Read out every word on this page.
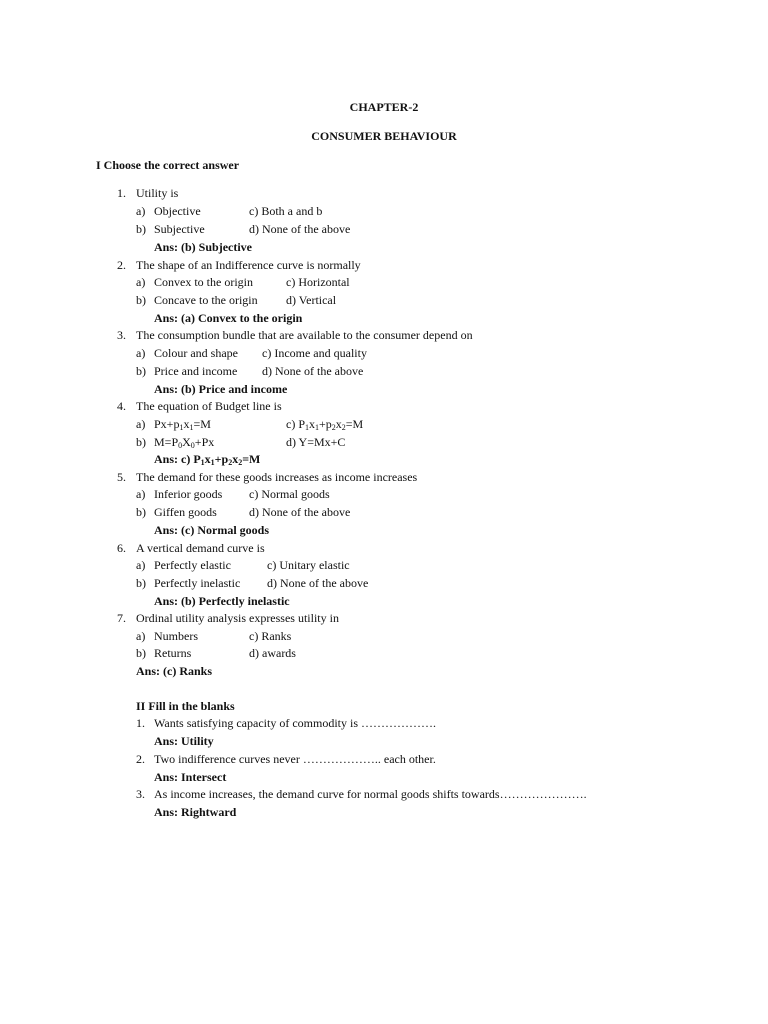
CHAPTER-2
CONSUMER BEHAVIOUR
I Choose the correct answer
1. Utility is
a) Objective	c) Both a and b
b) Subjective	d) None of the above
Ans: (b) Subjective
2. The shape of an Indifference curve is normally
a) Convex to the origin	c) Horizontal
b) Concave to the origin d) Vertical
Ans: (a) Convex to the origin
3. The consumption bundle that are available to the consumer depend on
a) Colour and shape c) Income and quality
b) Price and income d) None of the above
Ans: (b) Price and income
4. The equation of Budget line is
a) $Px+p_1x_1=M$	c) $P_1x_1+p_2x_2=M$
b) $M=P_0X_0+Px$	d) Y=Mx+C
Ans: c) $P_1x_1+p_2x_2=M$
5. The demand for these goods increases as income increases
a) Inferior goods c) Normal goods
b) Giffen goods	d) None of the above
Ans: (c) Normal goods
6. A vertical demand curve is
a) Perfectly elastic	c) Unitary elastic
b) Perfectly inelastic d) None of the above
Ans: (b) Perfectly inelastic
7. Ordinal utility analysis expresses utility in
a) Numbers	c) Ranks
b) Returns	d) awards
Ans: (c) Ranks
II Fill in the blanks
1. Wants satisfying capacity of commodity is ……………….
Ans: Utility
2. Two indifference curves never ……………….. each other.
Ans: Intersect
3. As income increases, the demand curve for normal goods shifts towards………………….
Ans: Rightward
